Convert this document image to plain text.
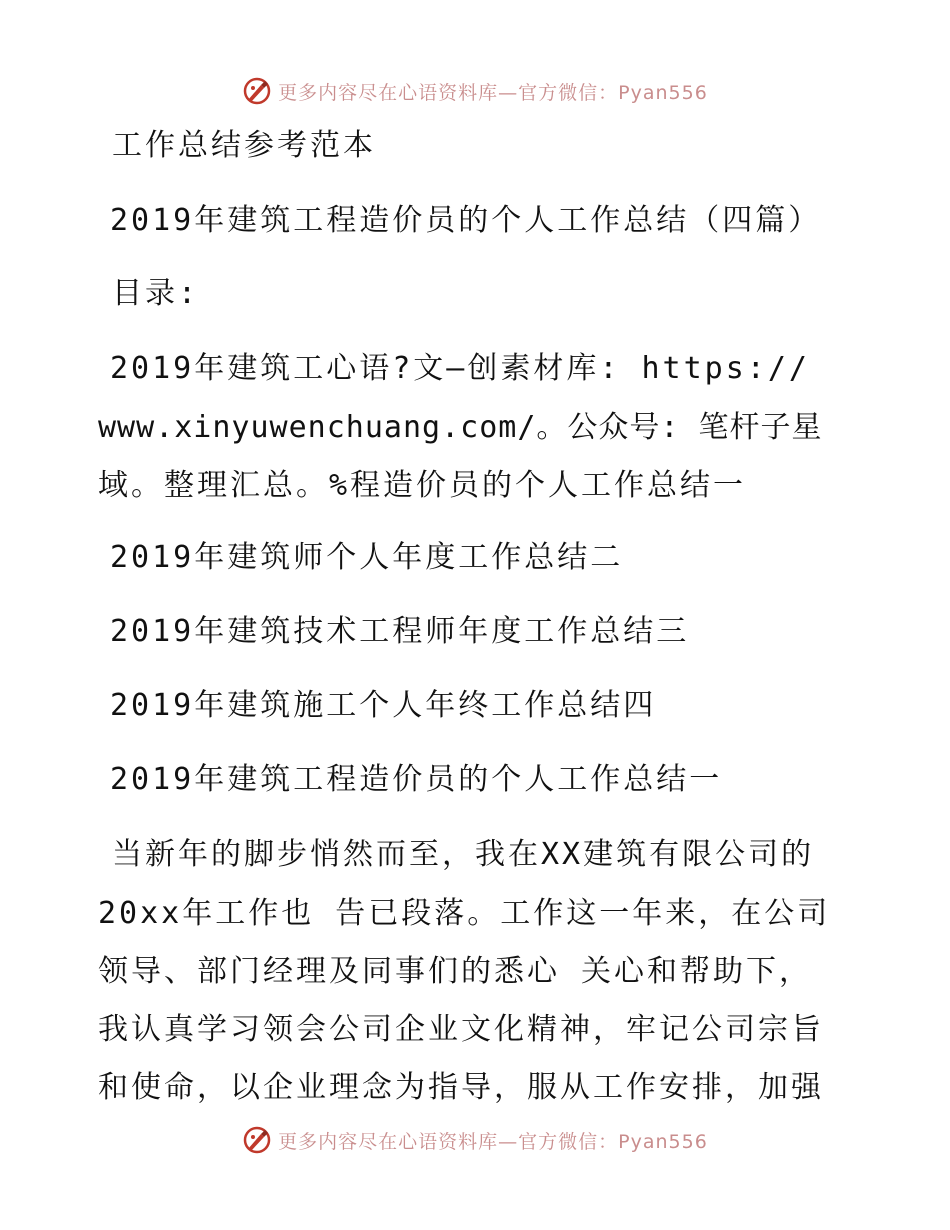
更多内容尽在心语资料库—官方微信：Pyan556
工作总结参考范本
2019年建筑工程造价员的个人工作总结（四篇）
目录:
2019年建筑工心语?文—创素材库: https://
www.xinyuwenchuang.com/。公众号: 笔杆子星
域。整理汇总。%程造价员的个人工作总结一
2019年建筑师个人年度工作总结二
2019年建筑技术工程师年度工作总结三
2019年建筑施工个人年终工作总结四
2019年建筑工程造价员的个人工作总结一
当新年的脚步悄然而至，我在XX建筑有限公司的
20xx年工作也 告已段落。工作这一年来，在公司
领导、部门经理及同事们的悉心 关心和帮助下，
我认真学习领会公司企业文化精神，牢记公司宗旨
和使命，以企业理念为指导，服从工作安排，加强
更多内容尽在心语资料库—官方微信：Pyan556
